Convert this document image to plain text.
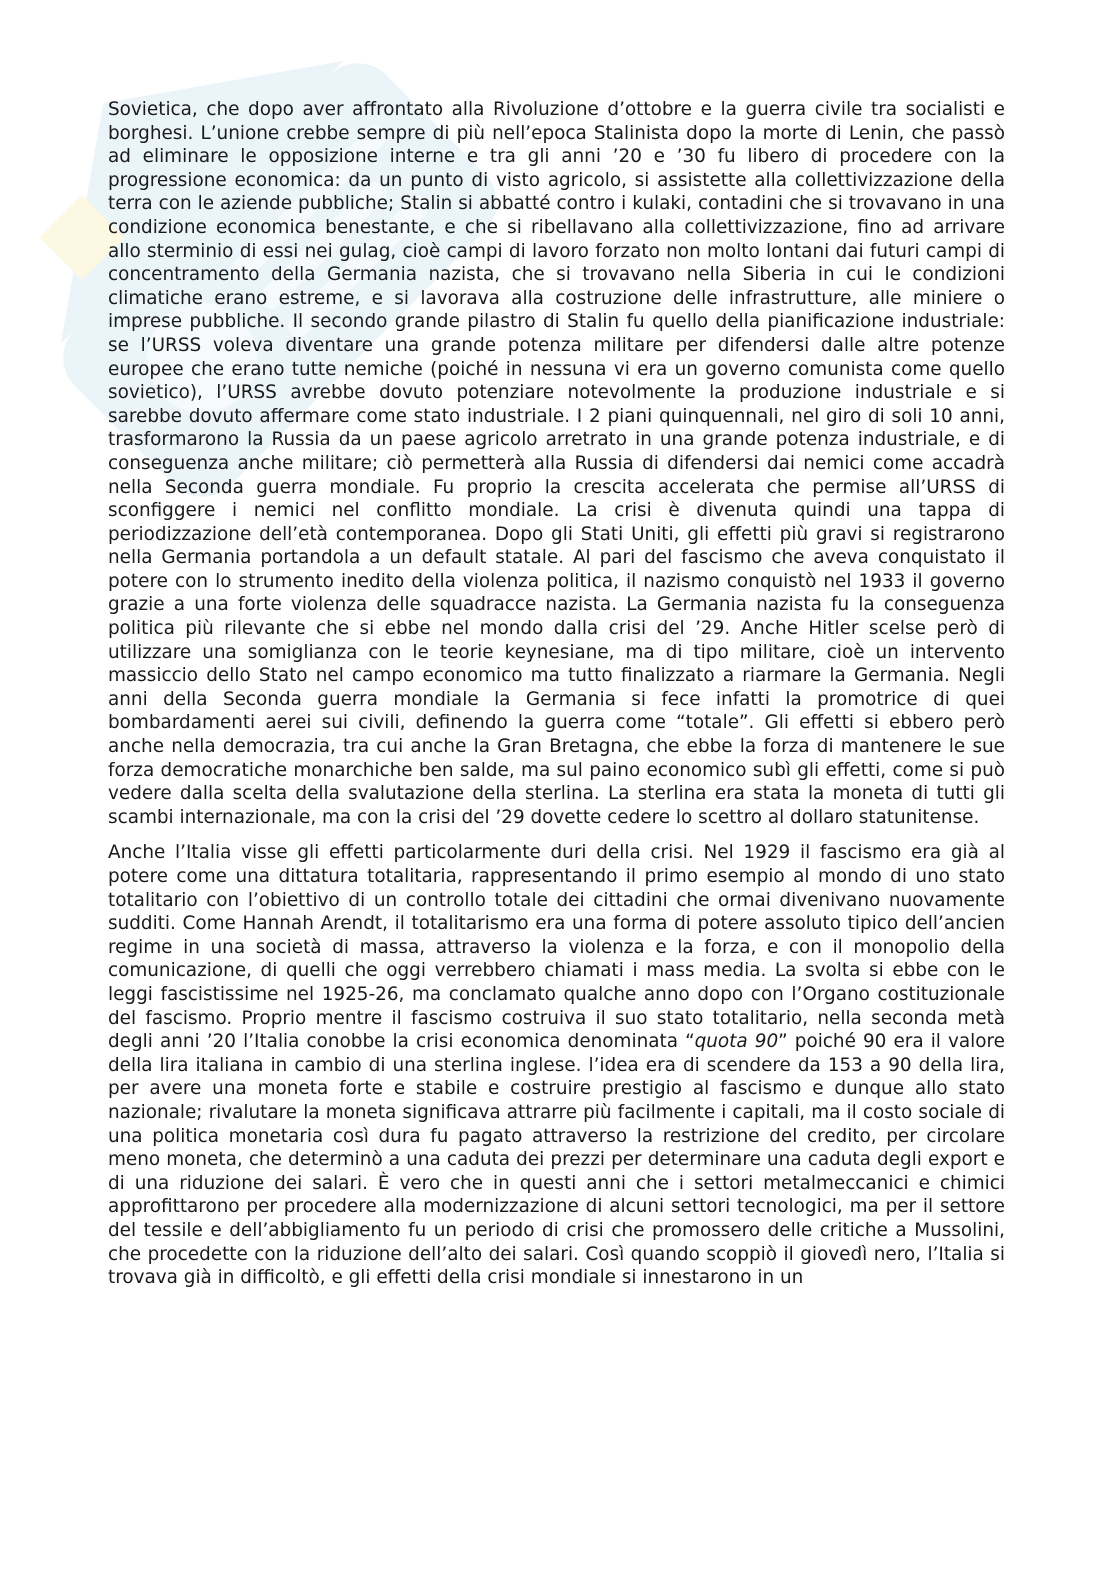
Sovietica, che dopo aver affrontato alla Rivoluzione d’ottobre e la guerra civile tra socialisti e borghesi. L’unione crebbe sempre di più nell’epoca Stalinista dopo la morte di Lenin, che passò ad eliminare le opposizione interne e tra gli anni ’20 e ’30 fu libero di procedere con la progressione economica: da un punto di visto agricolo, si assistette alla collettivizzazione della terra con le aziende pubbliche; Stalin si abbatté contro i kulaki, contadini che si trovavano in una condizione economica benestante, e che si ribellavano alla collettivizzazione, fino ad arrivare allo sterminio di essi nei gulag, cioè campi di lavoro forzato non molto lontani dai futuri campi di concentramento della Germania nazista, che si trovavano nella Siberia in cui le condizioni climatiche erano estreme, e si lavorava alla costruzione delle infrastrutture, alle miniere o imprese pubbliche. Il secondo grande pilastro di Stalin fu quello della pianificazione industriale: se l’URSS voleva diventare una grande potenza militare per difendersi dalle altre potenze europee che erano tutte nemiche (poiché in nessuna vi era un governo comunista come quello sovietico), l’URSS avrebbe dovuto potenziare notevolmente la produzione industriale e si sarebbe dovuto affermare come stato industriale. I 2 piani quinquennali, nel giro di soli 10 anni, trasformarono la Russia da un paese agricolo arretrato in una grande potenza industriale, e di conseguenza anche militare; ciò permetterà alla Russia di difendersi dai nemici come accadrà nella Seconda guerra mondiale. Fu proprio la crescita accelerata che permise all’URSS di sconfiggere i nemici nel conflitto mondiale. La crisi è divenuta quindi una tappa di periodizzazione dell’età contemporanea. Dopo gli Stati Uniti, gli effetti più gravi si registrarono nella Germania portandola a un default statale. Al pari del fascismo che aveva conquistato il potere con lo strumento inedito della violenza politica, il nazismo conquistò nel 1933 il governo grazie a una forte violenza delle squadracce nazista. La Germania nazista fu la conseguenza politica più rilevante che si ebbe nel mondo dalla crisi del ’29. Anche Hitler scelse però di utilizzare una somiglianza con le teorie keynesiane, ma di tipo militare, cioè un intervento massiccio dello Stato nel campo economico ma tutto finalizzato a riarmare la Germania. Negli anni della Seconda guerra mondiale la Germania si fece infatti la promotrice di quei bombardamenti aerei sui civili, definendo la guerra come “totale”. Gli effetti si ebbero però anche nella democrazia, tra cui anche la Gran Bretagna, che ebbe la forza di mantenere le sue forza democratiche monarchiche ben salde, ma sul paino economico subì gli effetti, come si può vedere dalla scelta della svalutazione della sterlina. La sterlina era stata la moneta di tutti gli scambi internazionale, ma con la crisi del ’29 dovette cedere lo scettro al dollaro statunitense.

Anche l’Italia visse gli effetti particolarmente duri della crisi. Nel 1929 il fascismo era già al potere come una dittatura totalitaria, rappresentando il primo esempio al mondo di uno stato totalitario con l’obiettivo di un controllo totale dei cittadini che ormai divenivano nuovamente sudditi. Come Hannah Arendt, il totalitarismo era una forma di potere assoluto tipico dell’ancien regime in una società di massa, attraverso la violenza e la forza, e con il monopolio della comunicazione, di quelli che oggi verrebbero chiamati i mass media. La svolta si ebbe con le leggi fascistissime nel 1925-26, ma conclamato qualche anno dopo con l’Organo costituzionale del fascismo. Proprio mentre il fascismo costruiva il suo stato totalitario, nella seconda metà degli anni ’20 l’Italia conobbe la crisi economica denominata “quota 90” poiché 90 era il valore della lira italiana in cambio di una sterlina inglese. l’idea era di scendere da 153 a 90 della lira, per avere una moneta forte e stabile e costruire prestigio al fascismo e dunque allo stato nazionale; rivalutare la moneta significava attrarre più facilmente i capitali, ma il costo sociale di una politica monetaria così dura fu pagato attraverso la restrizione del credito, per circolare meno moneta, che determinò a una caduta dei prezzi per determinare una caduta degli export e di una riduzione dei salari. È vero che in questi anni che i settori metalmeccanici e chimici approfittarono per procedere alla modernizzazione di alcuni settori tecnologici, ma per il settore del tessile e dell’abbigliamento fu un periodo di crisi che promossero delle critiche a Mussolini, che procedette con la riduzione dell’alto dei salari. Così quando scoppiò il giovedì nero, l’Italia si trovava già in difficoltò, e gli effetti della crisi mondiale si innestarono in un
